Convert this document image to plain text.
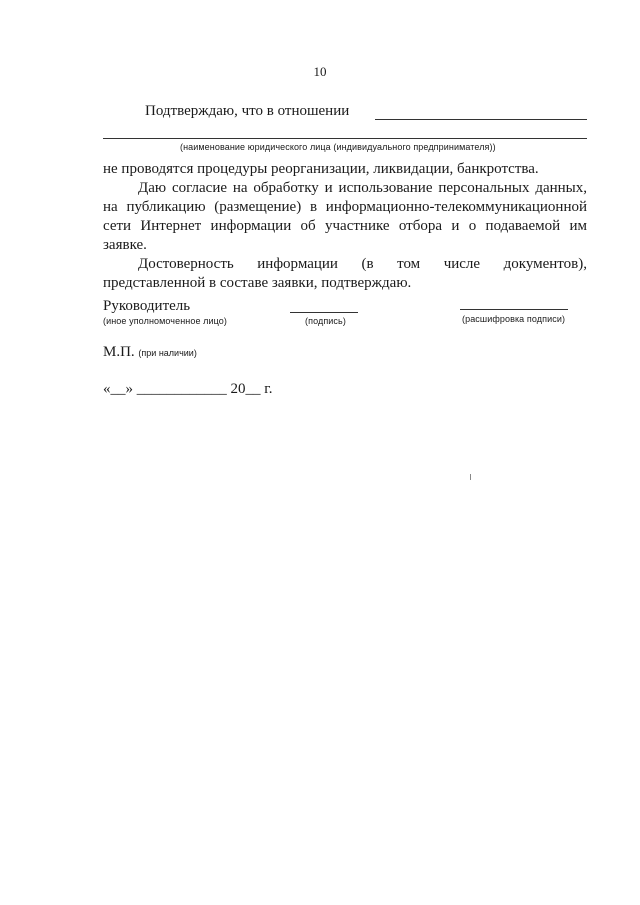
10
Подтверждаю, что в отношении
(наименование юридического лица (индивидуального предпринимателя))

не проводятся процедуры реорганизации, ликвидации, банкротства.

Даю согласие на обработку и использование персональных данных,

на публикацию (размещение) в информационно-телекоммуникационной

сети Интернет информации об участнике отбора и о подаваемой им

заявке.

Достоверность информации (в том числе документов),

представленной в составе заявки, подтверждаю.

Руководитель
(иное уполномоченное лицо)	(подпись)	(расшифровка подписи)
М.П. (при наличии)
«__» ____________ 20__ г.
